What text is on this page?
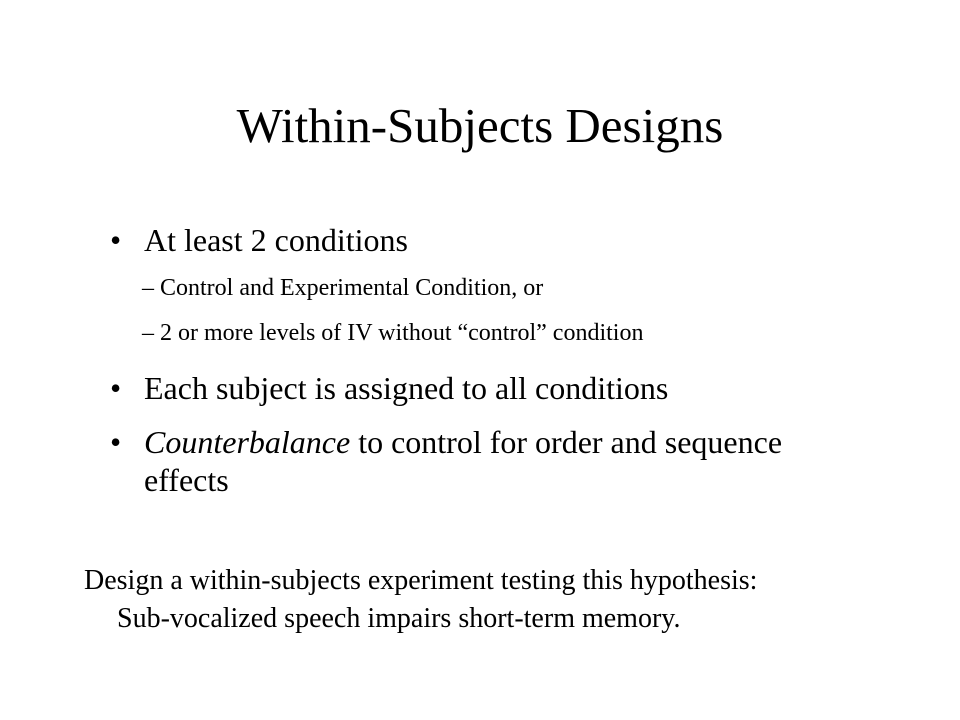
Within-Subjects Designs
• At least 2 conditions
– Control and Experimental Condition, or
– 2 or more levels of IV without “control” condition
• Each subject is assigned to all conditions
• Counterbalance to control for order and sequence
effects
Design a within-subjects experiment testing this hypothesis:
Sub-vocalized speech impairs short-term memory.
